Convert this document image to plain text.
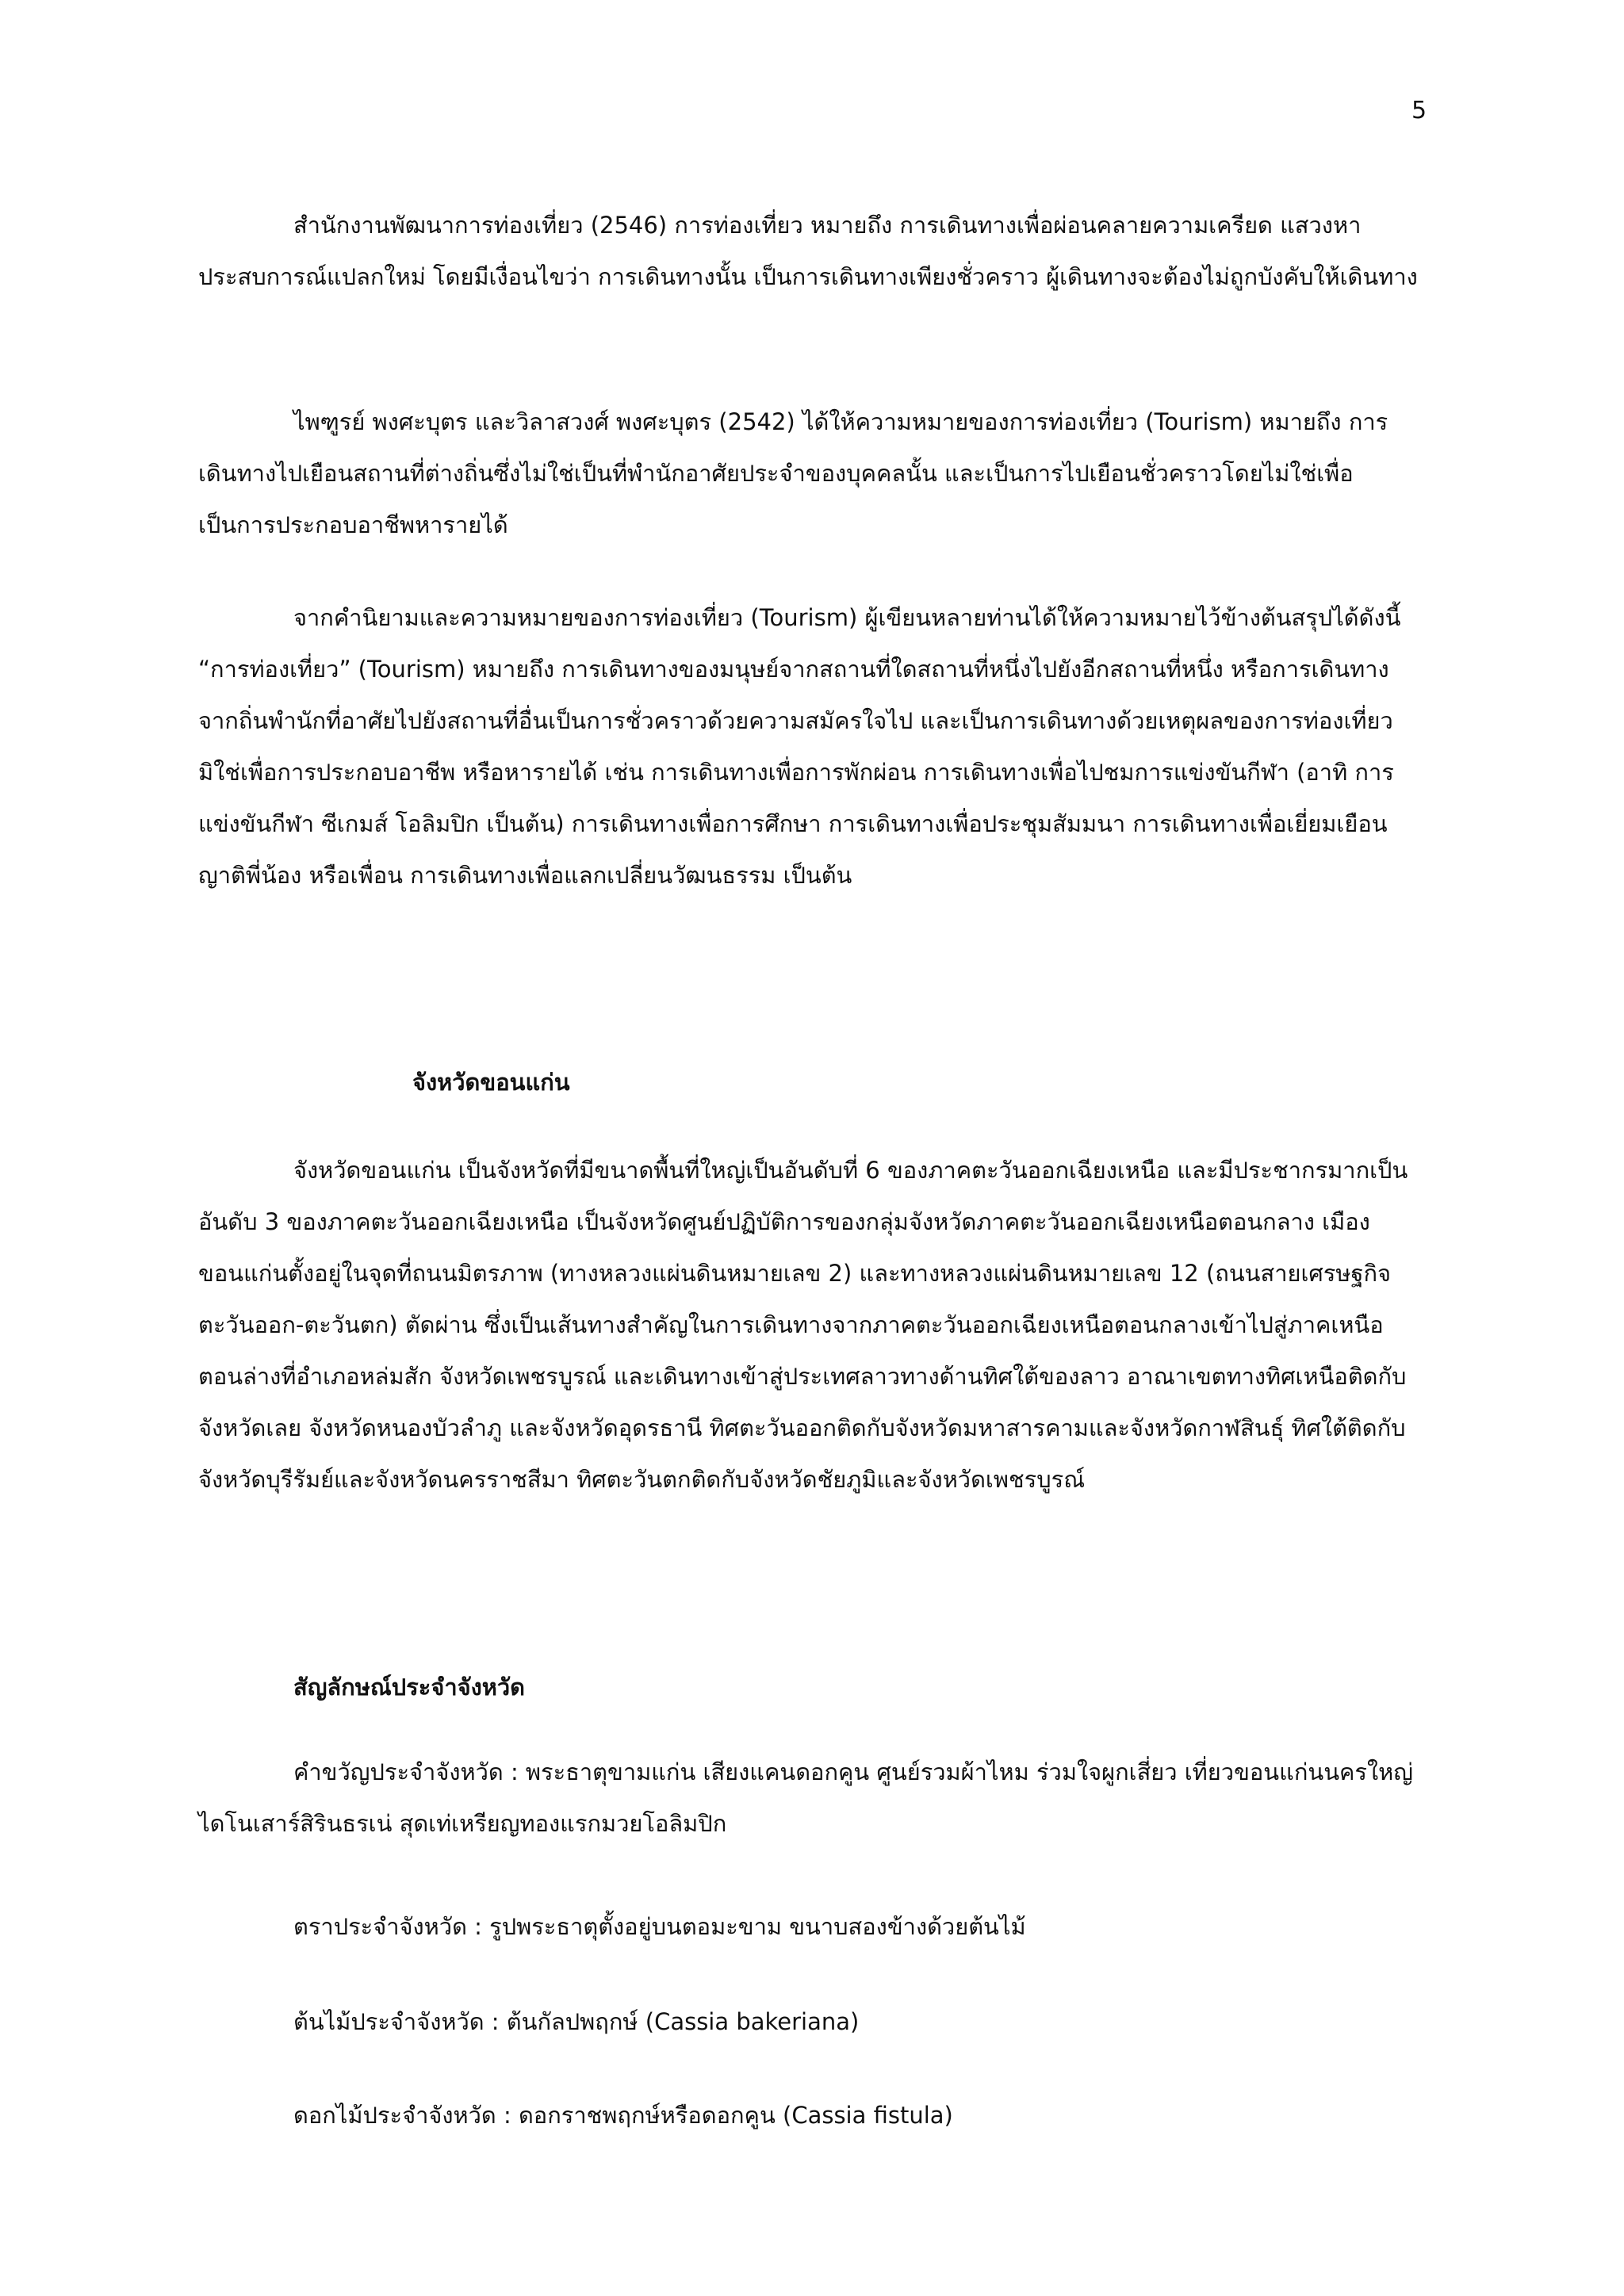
5

สำนักงานพัฒนาการท่องเที่ยว (2546) การท่องเที่ยว หมายถึง การเดินทางเพื่อผ่อนคลายความเครียด แสวงหาประสบการณ์แปลกใหม่ โดยมีเงื่อนไขว่า การเดินทางนั้น เป็นการเดินทางเพียงชั่วคราว ผู้เดินทางจะต้องไม่ถูกบังคับให้เดินทาง

ไพฑูรย์ พงศะบุตร และวิลาสวงศ์ พงศะบุตร (2542) ได้ให้ความหมายของการท่องเที่ยว (Tourism) หมายถึง การเดินทางไปเยือนสถานที่ต่างถิ่นซึ่งไม่ใช่เป็นที่พำนักอาศัยประจำของบุคคลนั้น และเป็นการไปเยือนชั่วคราวโดยไม่ใช่เพื่อเป็นการประกอบอาชีพหารายได้

จากคำนิยามและความหมายของการท่องเที่ยว (Tourism) ผู้เขียนหลายท่านได้ให้ความหมายไว้ข้างต้นสรุปได้ดังนี้ “การท่องเที่ยว” (Tourism) หมายถึง การเดินทางของมนุษย์จากสถานที่ใดสถานที่หนึ่งไปยังอีกสถานที่หนึ่ง หรือการเดินทางจากถิ่นพำนักที่อาศัยไปยังสถานที่อื่นเป็นการชั่วคราวด้วยความสมัครใจไป และเป็นการเดินทางด้วยเหตุผลของการท่องเที่ยวมิใช่เพื่อการประกอบอาชีพ หรือหารายได้ เช่น การเดินทางเพื่อการพักผ่อน การเดินทางเพื่อไปชมการแข่งขันกีฬา (อาทิ การแข่งขันกีฬา ซีเกมส์ โอลิมปิก เป็นต้น) การเดินทางเพื่อการศึกษา การเดินทางเพื่อประชุมสัมมนา การเดินทางเพื่อเยี่ยมเยือนญาติพี่น้อง หรือเพื่อน การเดินทางเพื่อแลกเปลี่ยนวัฒนธรรม เป็นต้น

จังหวัดขอนแก่น

จังหวัดขอนแก่น เป็นจังหวัดที่มีขนาดพื้นที่ใหญ่เป็นอันดับที่ 6 ของภาคตะวันออกเฉียงเหนือ และมีประชากรมากเป็นอันดับ 3 ของภาคตะวันออกเฉียงเหนือ เป็นจังหวัดศูนย์ปฏิบัติการของกลุ่มจังหวัดภาคตะวันออกเฉียงเหนือตอนกลาง เมืองขอนแก่นตั้งอยู่ในจุดที่ถนนมิตรภาพ (ทางหลวงแผ่นดินหมายเลข 2) และทางหลวงแผ่นดินหมายเลข 12 (ถนนสายเศรษฐกิจตะวันออก-ตะวันตก) ตัดผ่าน ซึ่งเป็นเส้นทางสำคัญในการเดินทางจากภาคตะวันออกเฉียงเหนือตอนกลางเข้าไปสู่ภาคเหนือตอนล่างที่อำเภอหล่มสัก จังหวัดเพชรบูรณ์ และเดินทางเข้าสู่ประเทศลาวทางด้านทิศใต้ของลาว อาณาเขตทางทิศเหนือติดกับจังหวัดเลย จังหวัดหนองบัวลำภู และจังหวัดอุดรธานี ทิศตะวันออกติดกับจังหวัดมหาสารคามและจังหวัดกาฬสินธุ์ ทิศใต้ติดกับจังหวัดบุรีรัมย์และจังหวัดนครราชสีมา ทิศตะวันตกติดกับจังหวัดชัยภูมิและจังหวัดเพชรบูรณ์

สัญลักษณ์ประจำจังหวัด

คำขวัญประจำจังหวัด : พระธาตุขามแก่น เสียงแคนดอกคูน ศูนย์รวมผ้าไหม ร่วมใจผูกเสี่ยว เที่ยวขอนแก่นนครใหญ่ ไดโนเสาร์สิรินธรเน่ สุดเท่เหรียญทองแรกมวยโอลิมปิก

ตราประจำจังหวัด : รูปพระธาตุตั้งอยู่บนตอมะขาม ขนาบสองข้างด้วยต้นไม้

ต้นไม้ประจำจังหวัด : ต้นกัลปพฤกษ์ (Cassia bakeriana)

ดอกไม้ประจำจังหวัด : ดอกราชพฤกษ์หรือดอกคูน (Cassia fistula)
